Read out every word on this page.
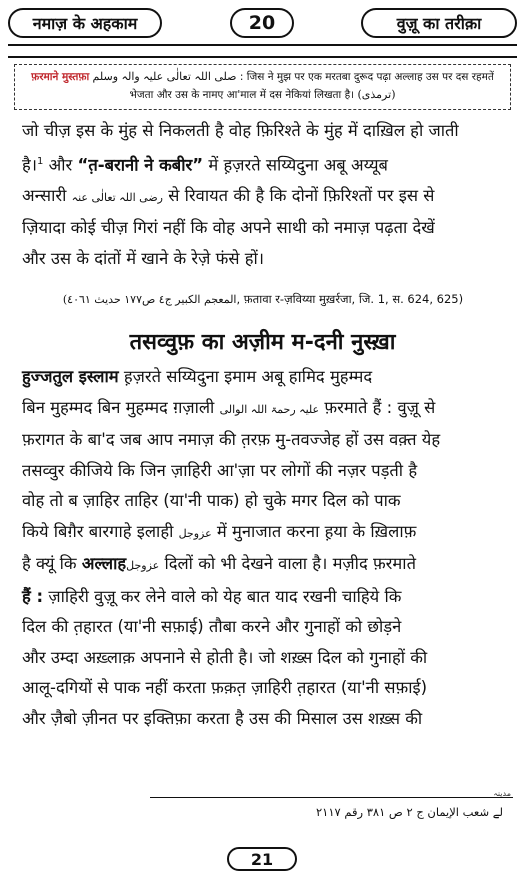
नमाज़ के अहकाम	20	वुज़ू का तरीक़ा
फ़रमाने मुस्तफ़ा صلی اللہ تعالٰی علیہ والہ وسلم : जिस ने मुझ पर एक मरतबा दुरूद पढ़ा अल्लाह उस पर दस रहमतें
भेजता और उस के नामए आ'माल में दस नेकियां लिखता है। (ترمذی)

जो चीज़ इस के मुंह से निकलती है वोह फ़िरिश्ते के मुंह में दाख़िल हो जाती

है।$^1$ और “त़-बरानी ने कबीर” में ह़ज़रते सय्यिदुना अबू अय्यूब

अन्सारी رضی اللہ تعالٰی عنہ से रिवायत की है कि दोनों फ़िरिश्तों पर इस से

ज़ियादा कोई चीज़ गिरां नहीं कि वोह अपने साथी को नमाज़ पढ़ता देखें

और उस के दांतों में खाने के रेज़े फंसे हों।

(المعجم الكبير ج٤ ص١٧٧ حديث ٤٠٦١, फ़तावा र-ज़विय्या मुख़र्रजा, जि. 1, स. 624, 625)
तसव्वुफ़ का अज़ीम म-दनी नुस्ख़ा

हुज्जतुल इस्लाम ह़ज़रते सय्यिदुना इमाम अबू हामिद मुहम्मद

बिन मुहम्मद बिन मुहम्मद ग़ज़ाली علیہ رحمۃ اللہ الوالی फ़रमाते हैं : वुज़ू से

फ़रागत के बा'द जब आप नमाज़ की त़रफ़ मु-तवज्जेह हों उस वक़्त येह

तसव्वुर कीजिये कि जिन ज़ाहिरी आ'ज़ा पर लोगों की नज़र पड़ती है

वोह तो ब ज़ाहिर ताहिर (या'नी पाक) हो चुके मगर दिल को पाक

किये बिग़ैर बारगाहे इलाही عزوجل में मुनाजात करना ह़या के ख़िलाफ़

है क्यूं कि अल्लाहعزوجل दिलों को भी देखने वाला है। मज़ीद फ़रमाते

हैं : ज़ाहिरी वुज़ू कर लेने वाले को येह बात याद रखनी चाहिये कि

दिल की त़हारत (या'नी सफ़ाई) तौबा करने और गुनाहों को छोड़ने

और उम्दा अख़्लाक़ अपनाने से होती है। जो शख़्स दिल को गुनाहों की

आलू-दगियों से पाक नहीं करता फ़क़त़ ज़ाहिरी त़हारत (या'नी सफ़ाई)

और ज़ैबो ज़ीनत पर इक्तिफ़ा करता है उस की मिसाल उस शख़्स की

مدینہ
لے شعب الإیمان ج ٢ ص ٣٨١ رقم ٢١١٧
21
